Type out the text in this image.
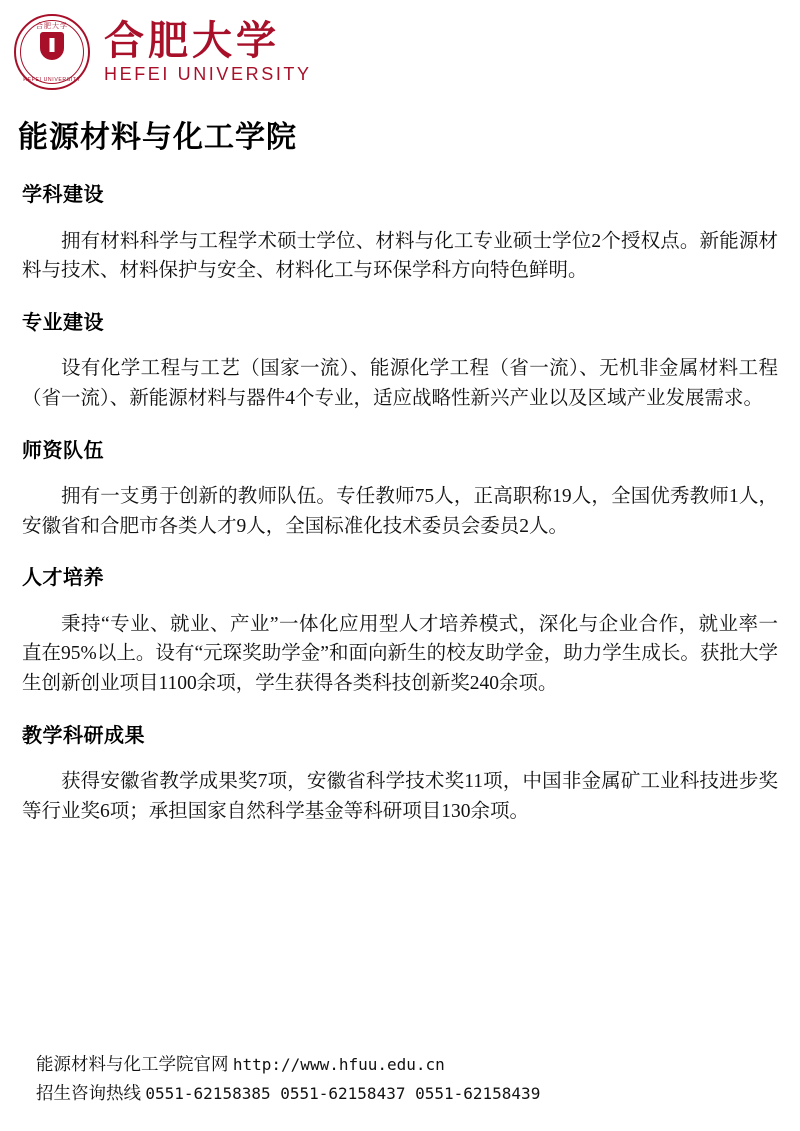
合肥大学
HEFEI UNIVERSITY
合肥大学
HEFEI UNIVERSITY
能源材料与化工学院
学科建设

拥有材料科学与工程学术硕士学位、材料与化工专业硕士学位2个授权点。新能源材料与技术、材料保护与安全、材料化工与环保学科方向特色鲜明。

专业建设

设有化学工程与工艺（国家一流）、能源化学工程（省一流）、无机非金属材料工程（省一流）、新能源材料与器件4个专业，适应战略性新兴产业以及区域产业发展需求。

师资队伍

拥有一支勇于创新的教师队伍。专任教师75人，正高职称19人，全国优秀教师1人，安徽省和合肥市各类人才9人，全国标准化技术委员会委员2人。

人才培养

秉持“专业、就业、产业”一体化应用型人才培养模式，深化与企业合作，就业率一直在95%以上。设有“元琛奖助学金”和面向新生的校友助学金，助力学生成长。获批大学生创新创业项目1100余项，学生获得各类科技创新奖240余项。

教学科研成果

获得安徽省教学成果奖7项，安徽省科学技术奖11项，中国非金属矿工业科技进步奖等行业奖6项；承担国家自然科学基金等科研项目130余项。

能源材料与化工学院官网 http://www.hfuu.edu.cn
招生咨询热线 0551-62158385 0551-62158437 0551-62158439
